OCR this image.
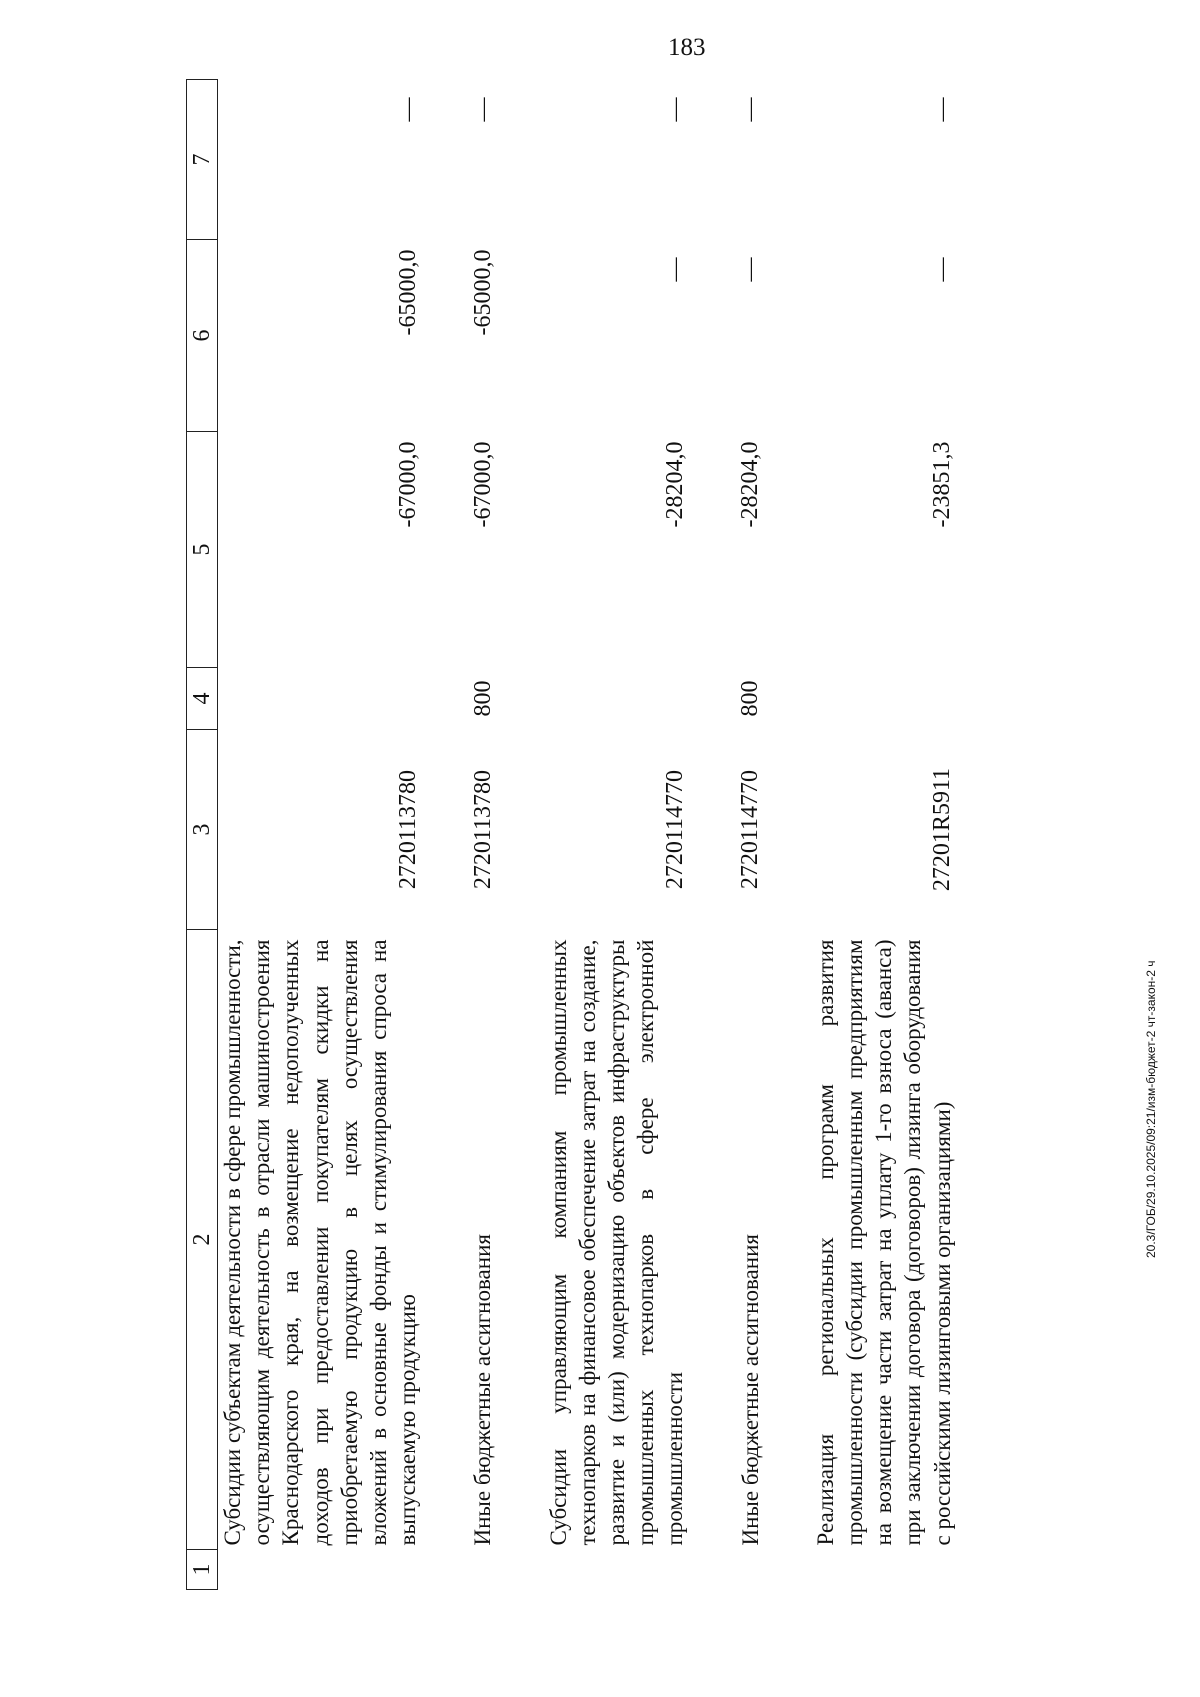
183
20.3/ГОБ/29.10.2025/09:21/изм-бюджет-2 чт-закон-2 ч
1	2	3	4	5	6	7
	Субсидии субъектам деятельности в сфере промышленности, осуществляющим деятельность в отрасли машиностроения Краснодарского края, на возмещение недополученных доходов при предоставлении покупателям скидки на приобретаемую продукцию в целях осуществления вложений в основные фонды и стимулирования спроса на выпускаемую продукцию	2720113780		-67000,0	-65000,0	—
	Иные бюджетные ассигнования	2720113780	800	-67000,0	-65000,0	—
	Субсидии управляющим компаниям промышленных технопарков на финансовое обеспечение затрат на создание, развитие и (или) модернизацию объектов инфраструктуры промышленных технопарков в сфере электронной промышленности	2720114770		-28204,0	—	—
	Иные бюджетные ассигнования	2720114770	800	-28204,0	—	—
	Реализация региональных программ развития промышленности (субсидии промышленным предприятиям на возмещение части затрат на уплату 1-го взноса (аванса) при заключении договора (договоров) лизинга оборудования с российскими лизинговыми организациями)	27201R5911		-23851,3	—	—
